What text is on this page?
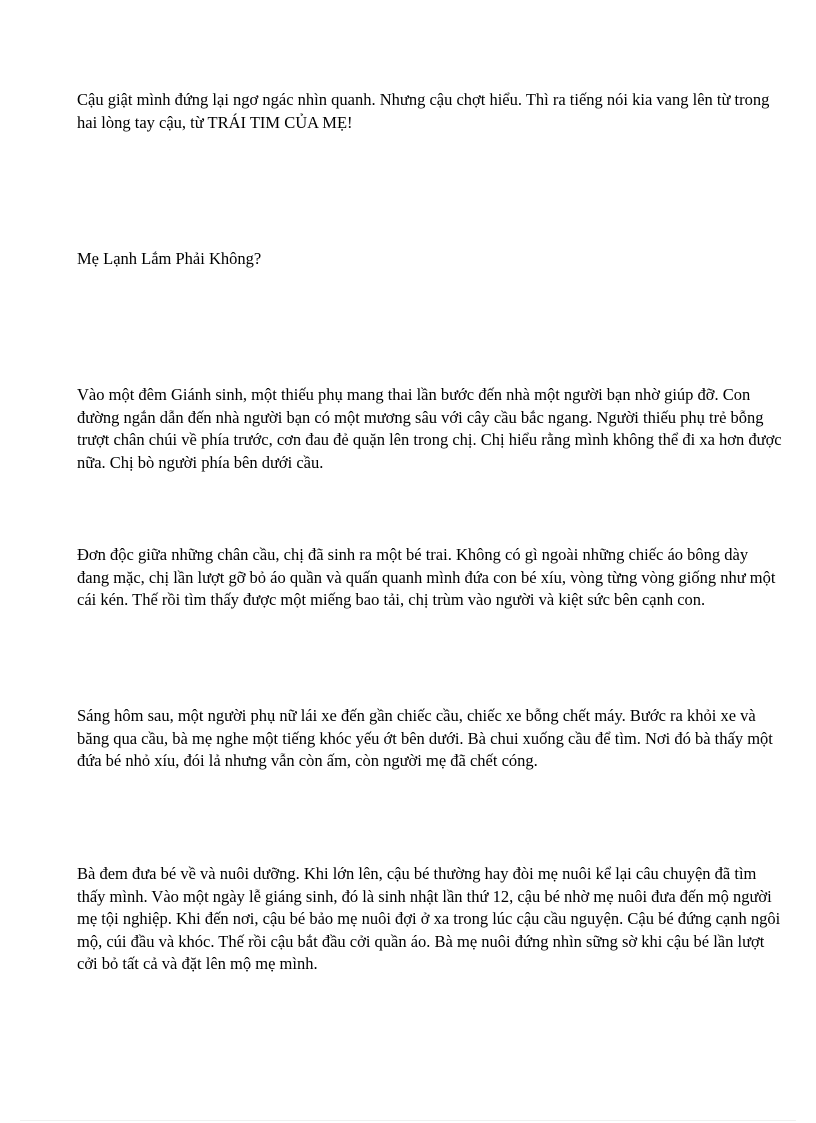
Cậu giật mình đứng lại ngơ ngác nhìn quanh. Nhưng cậu chợt hiểu. Thì ra tiếng nói kia vang lên từ trong hai lòng tay cậu, từ TRÁI TIM CỦA MẸ!

Mẹ Lạnh Lắm Phải Không?

Vào một đêm Giánh sinh, một thiếu phụ mang thai lần bước đến nhà một người bạn nhờ giúp đỡ. Con đường ngắn dẫn đến nhà người bạn có một mương sâu với cây cầu bắc ngang. Người thiếu phụ trẻ bỗng trượt chân chúi về phía trước, cơn đau đẻ quặn lên trong chị. Chị hiểu rằng mình không thể đi xa hơn được nữa. Chị bò người phía bên dưới cầu.

Đơn độc giữa những chân cầu, chị đã sinh ra một bé trai. Không có gì ngoài những chiếc áo bông dày đang mặc, chị lần lượt gỡ bỏ áo quần và quấn quanh mình đứa con bé xíu, vòng từng vòng giống như một cái kén. Thế rồi tìm thấy được một miếng bao tải, chị trùm vào người và kiệt sức bên cạnh con.

Sáng hôm sau, một người phụ nữ lái xe đến gần chiếc cầu, chiếc xe bỗng chết máy. Bước ra khỏi xe và băng qua cầu, bà mẹ nghe một tiếng khóc yếu ớt bên dưới. Bà chui xuống cầu để tìm. Nơi đó bà thấy một đứa bé nhỏ xíu, đói lả nhưng vẫn còn ấm, còn người mẹ đã chết cóng.

Bà đem đưa bé về và nuôi dưỡng. Khi lớn lên, cậu bé thường hay đòi mẹ nuôi kể lại câu chuyện đã tìm thấy mình. Vào một ngày lễ giáng sinh, đó là sinh nhật lần thứ 12, cậu bé nhờ mẹ nuôi đưa đến mộ người mẹ tội nghiệp. Khi đến nơi, cậu bé bảo mẹ nuôi đợi ở xa trong lúc cậu cầu nguyện. Cậu bé đứng cạnh ngôi mộ, cúi đầu và khóc. Thế rồi cậu bắt đầu cởi quần áo. Bà mẹ nuôi đứng nhìn sững sờ khi cậu bé lần lượt cởi bỏ tất cả và đặt lên mộ mẹ mình.
